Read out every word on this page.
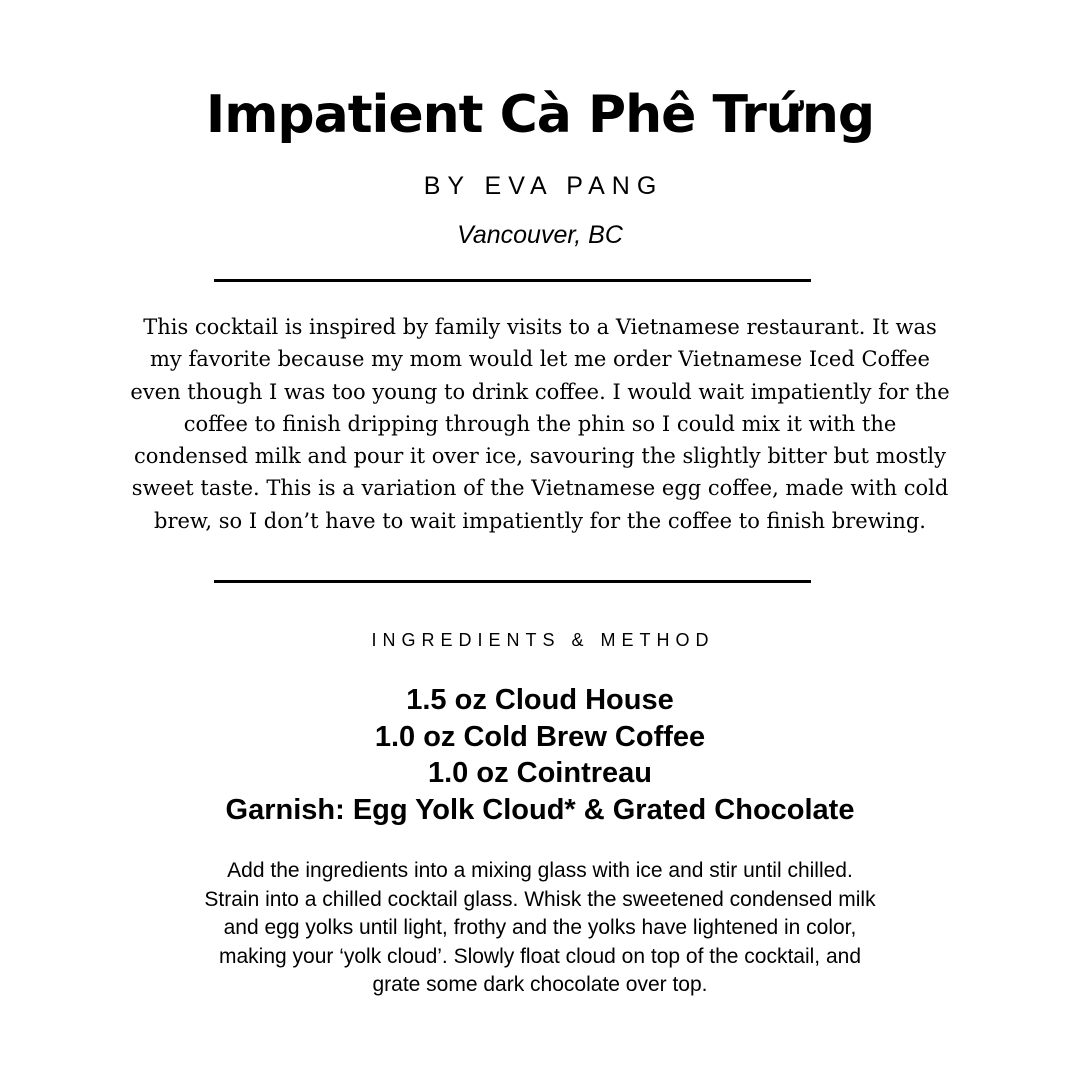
Impatient Cà Phê Trứng
BY EVA PANG
Vancouver, BC

This cocktail is inspired by family visits to a Vietnamese restaurant. It was
my favorite because my mom would let me order Vietnamese Iced Coffee
even though I was too young to drink coffee. I would wait impatiently for the
coffee to finish dripping through the phin so I could mix it with the
condensed milk and pour it over ice, savouring the slightly bitter but mostly
sweet taste. This is a variation of the Vietnamese egg coffee, made with cold
brew, so I don’t have to wait impatiently for the coffee to finish brewing.

INGREDIENTS & METHOD
1.5 oz Cloud House
1.0 oz Cold Brew Coffee
1.0 oz Cointreau
Garnish: Egg Yolk Cloud* & Grated Chocolate

Add the ingredients into a mixing glass with ice and stir until chilled.
Strain into a chilled cocktail glass. Whisk the sweetened condensed milk
and egg yolks until light, frothy and the yolks have lightened in color,
making your ‘yolk cloud’. Slowly float cloud on top of the cocktail, and
grate some dark chocolate over top.
